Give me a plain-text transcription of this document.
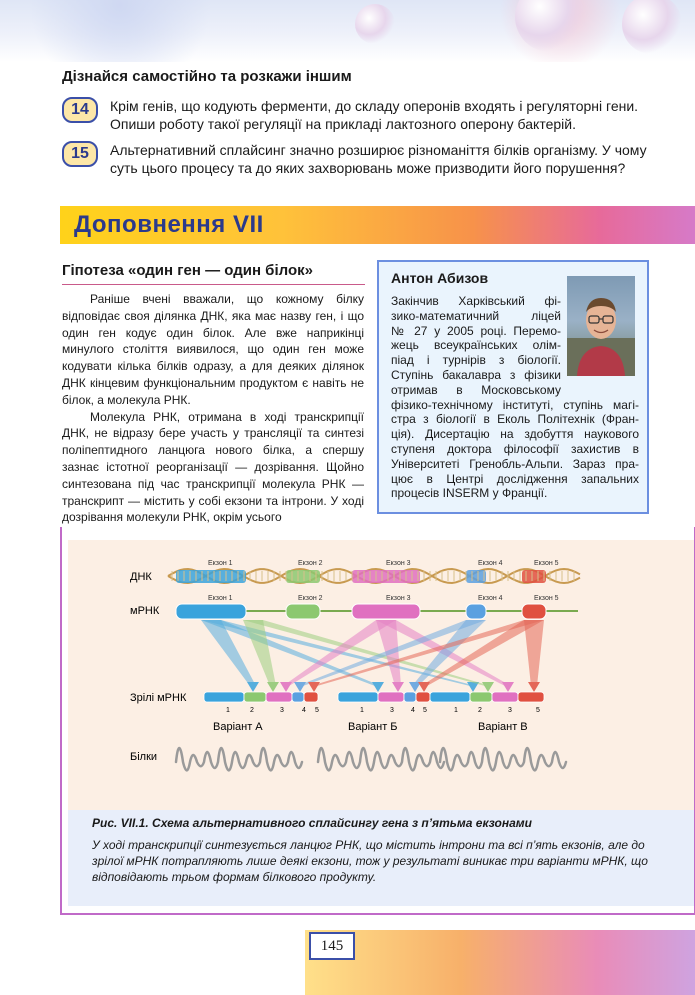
Дізнайся самостійно та розкажи іншим
14	Крім генів, що кодують ферменти, до складу оперонів входять і регуляторні гени. Опиши роботу такої регуляції на прикладі лактозного оперону бактерій.
15	Альтернативний сплайсинг значно розширює різноманіття білків організму. У чому суть цього процесу та до яких захворювань може призводити його порушення?
Доповнення VII
Гіпотеза «один ген — один білок»

Раніше вчені вважали, що кожному білку відповідає своя ділянка ДНК, яка має назву ген, і що один ген кодує один білок. Але вже наприкінці минулого століття виявилося, що один ген може кодувати кілька білків одразу, а для деяких ділянок ДНК кінцевим функціональним продуктом є навіть не білок, а молекула РНК.

Молекула РНК, отримана в ході транскрипції ДНК, не відразу бере участь у трансляції та синтезі поліпептидного ланцюга нового білка, а спершу зазнає істотної реорганізації — дозрівання. Щойно синтезована під час транскрипції молекула РНК — транскрипт — містить у собі екзони та інтрони. У ході дозрівання молекули РНК, окрім усього

Антон Абизов
Закінчив Харківський фі-
зико-математичний ліцей
№ 27 у 2005 році. Перемо-
жець всеукраїнських олім-
піад і турнірів з біології.
Ступінь бакалавра з фізики
отримав в Московському
фізико-технічному інституті, ступінь магі-
стра з біології в Еколь Політехнік (Фран-
ція). Дисертацію на здобуття наукового
ступеня доктора філософії захистив в
Університеті Гренобль-Альпи. Зараз пра-
цює в Центрі дослідження запальних
процесів INSERM у Франції.
ДНК
мРНК
Зрілі мРНК
Білки
Екзон 1	Екзон 2	Екзон 3	Екзон 4	Екзон 5
Екзон 1	Екзон 2	Екзон 3	Екзон 4	Екзон 5
1	2	3	4 5	1	3 4 5	1	2	3	5
Варіант А	Варіант Б	Варіант В
Рис. VII.1. Схема альтернативного сплайсингу гена з п’ятьма екзонами
У ході транскрипції синтезується ланцюг РНК, що містить інтрони та всі п’ять екзонів, але до зрілої мРНК потрапляють лише деякі екзони, тож у результаті виникає три варіанти мРНК, що відповідають трьом формам білкового продукту.
145
